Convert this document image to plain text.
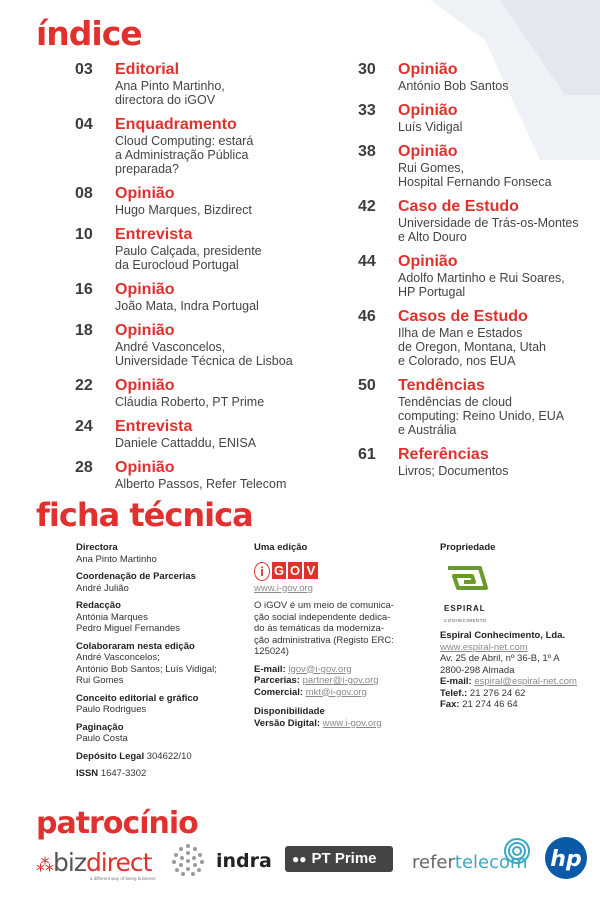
índice
03	Editorial
Ana Pinto Martinho,
directora do iGOV
04	Enquadramento
Cloud Computing: estará
a Administração Pública
preparada?
08	Opinião
Hugo Marques, Bizdirect
10	Entrevista
Paulo Calçada, presidente
da Eurocloud Portugal
16	Opinião
João Mata, Indra Portugal
18	Opinião
André Vasconcelos,
Universidade Técnica de Lisboa
22	Opinião
Cláudia Roberto, PT Prime
24	Entrevista
Daniele Cattaddu, ENISA
28	Opinião
Alberto Passos, Refer Telecom
30	Opinião
António Bob Santos
33	Opinião
Luís Vidigal
38	Opinião
Rui Gomes,
Hospital Fernando Fonseca
42	Caso de Estudo
Universidade de Trás-os-Montes
e Alto Douro
44	Opinião
Adolfo Martinho e Rui Soares,
HP Portugal
46	Casos de Estudo
Ilha de Man e Estados
de Oregon, Montana, Utah
e Colorado, nos EUA
50	Tendências
Tendências de cloud
computing: Reino Unido, EUA
e Austrália
61	Referências
Livros; Documentos
ficha técnica
Directora
Ana Pinto Martinho
Coordenação de Parcerias
André Julião
Redacção
Antónia Marques
Pedro Miguel Fernandes
Colaboraram nesta edição
André Vasconcelos;
António Bob Santos; Luís Vidigal;
Rui Gomes
Conceito editorial e gráfico
Paulo Rodrigues
Paginação
Paulo Costa
Depósito Legal 304622/10
ISSN 1647-3302
Uma edição
i G O V
www.i-gov.org
O iGOV é um meio de comunica-
ção social independente dedica-
do às temáticas da moderniza-
ção administrativa (Registo ERC:
125024)
E-mail: igov@i-gov.org
Parcerias: partner@i-gov.org
Comercial: mkt@i-gov.org
Disponibilidade
Versão Digital: www.i-gov.org
Propriedade
ESPIRAL
CONHECIMENTO
Espiral Conhecimento, Lda.
www.espiral-net.com
Av. 25 de Abril, nº 36-B, 1º A
2800-298 Almada
E-mail: espiral@espiral-net.com
Telef.: 21 276 24 62
Fax: 21 274 46 64
patrocínio
⁂bizdirect
a different way of being business
indra	●● PT Prime	refertelecom hp
